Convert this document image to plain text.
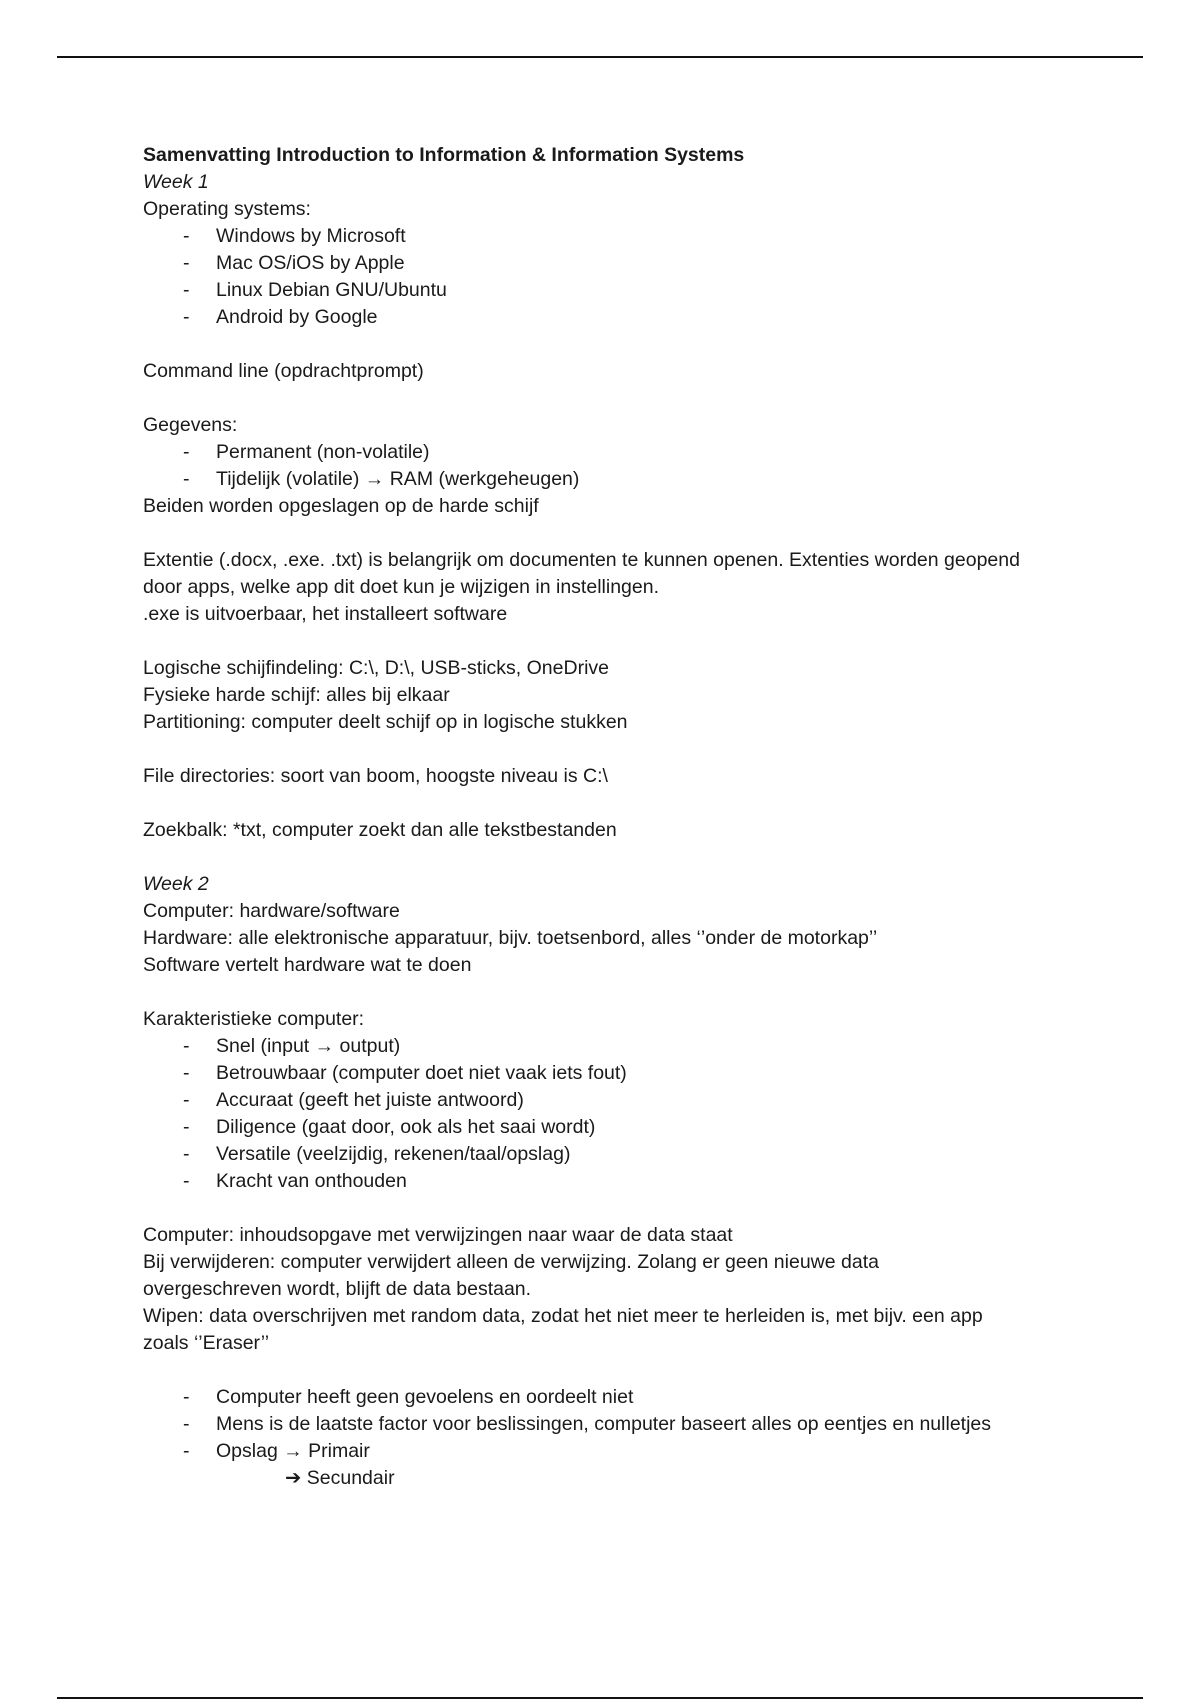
Samenvatting Introduction to Information & Information Systems
Week 1
Operating systems:
- Windows by Microsoft
- Mac OS/iOS by Apple
- Linux Debian GNU/Ubuntu
- Android by Google
Command line (opdrachtprompt)
Gegevens:
- Permanent (non-volatile)
- Tijdelijk (volatile) → RAM (werkgeheugen)
Beiden worden opgeslagen op de harde schijf
Extentie (.docx, .exe. .txt) is belangrijk om documenten te kunnen openen. Extenties worden geopend
door apps, welke app dit doet kun je wijzigen in instellingen.
.exe is uitvoerbaar, het installeert software
Logische schijfindeling: C:\, D:\, USB-sticks, OneDrive
Fysieke harde schijf: alles bij elkaar
Partitioning: computer deelt schijf op in logische stukken
File directories: soort van boom, hoogste niveau is C:\
Zoekbalk: *txt, computer zoekt dan alle tekstbestanden
Week 2
Computer: hardware/software
Hardware: alle elektronische apparatuur, bijv. toetsenbord, alles ‘’onder de motorkap’’
Software vertelt hardware wat te doen
Karakteristieke computer:
- Snel (input → output)
- Betrouwbaar (computer doet niet vaak iets fout)
- Accuraat (geeft het juiste antwoord)
- Diligence (gaat door, ook als het saai wordt)
- Versatile (veelzijdig, rekenen/taal/opslag)
- Kracht van onthouden
Computer: inhoudsopgave met verwijzingen naar waar de data staat
Bij verwijderen: computer verwijdert alleen de verwijzing. Zolang er geen nieuwe data
overgeschreven wordt, blijft de data bestaan.
Wipen: data overschrijven met random data, zodat het niet meer te herleiden is, met bijv. een app
zoals ‘’Eraser’’
- Computer heeft geen gevoelens en oordeelt niet
- Mens is de laatste factor voor beslissingen, computer baseert alles op eentjes en nulletjes
- Opslag → Primair
➔ Secundair
